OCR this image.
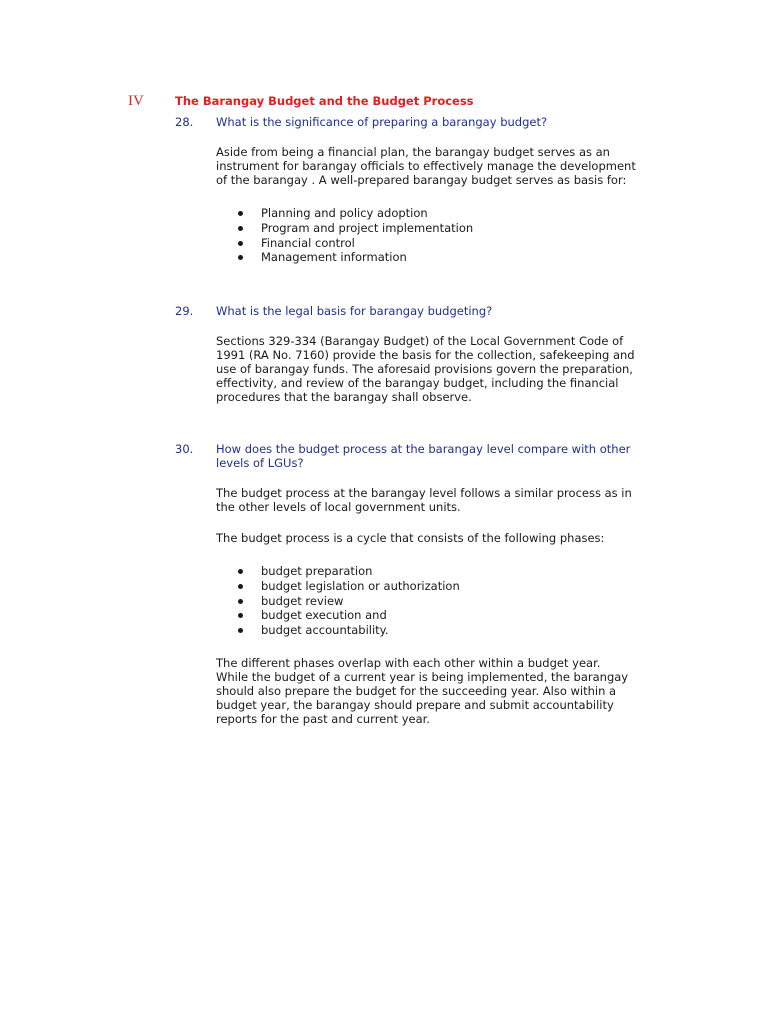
IV	The Barangay Budget and the Budget Process
28. What is the significance of preparing a barangay budget?
Aside from being a financial plan, the barangay budget serves as an instrument for barangay officials to effectively manage the development of the barangay . A well-prepared barangay budget serves as basis for:
Planning and policy adoption
Program and project implementation
Financial control
Management information
29. What is the legal basis for barangay budgeting?
Sections 329-334 (Barangay Budget) of the Local Government Code of 1991 (RA No. 7160) provide the basis for the collection, safekeeping and use of barangay funds. The aforesaid provisions govern the preparation, effectivity, and review of the barangay budget, including the financial procedures that the barangay shall observe.
30. How does the budget process at the barangay level compare with other levels of LGUs?
The budget process at the barangay level follows a similar process as in the other levels of local government units.
The budget process is a cycle that consists of the following phases:
budget preparation
budget legislation or authorization
budget review
budget execution and
budget accountability.
The different phases overlap with each other within a budget year. While the budget of a current year is being implemented, the barangay should also prepare the budget for the succeeding year. Also within a budget year, the barangay should prepare and submit accountability reports for the past and current year.
